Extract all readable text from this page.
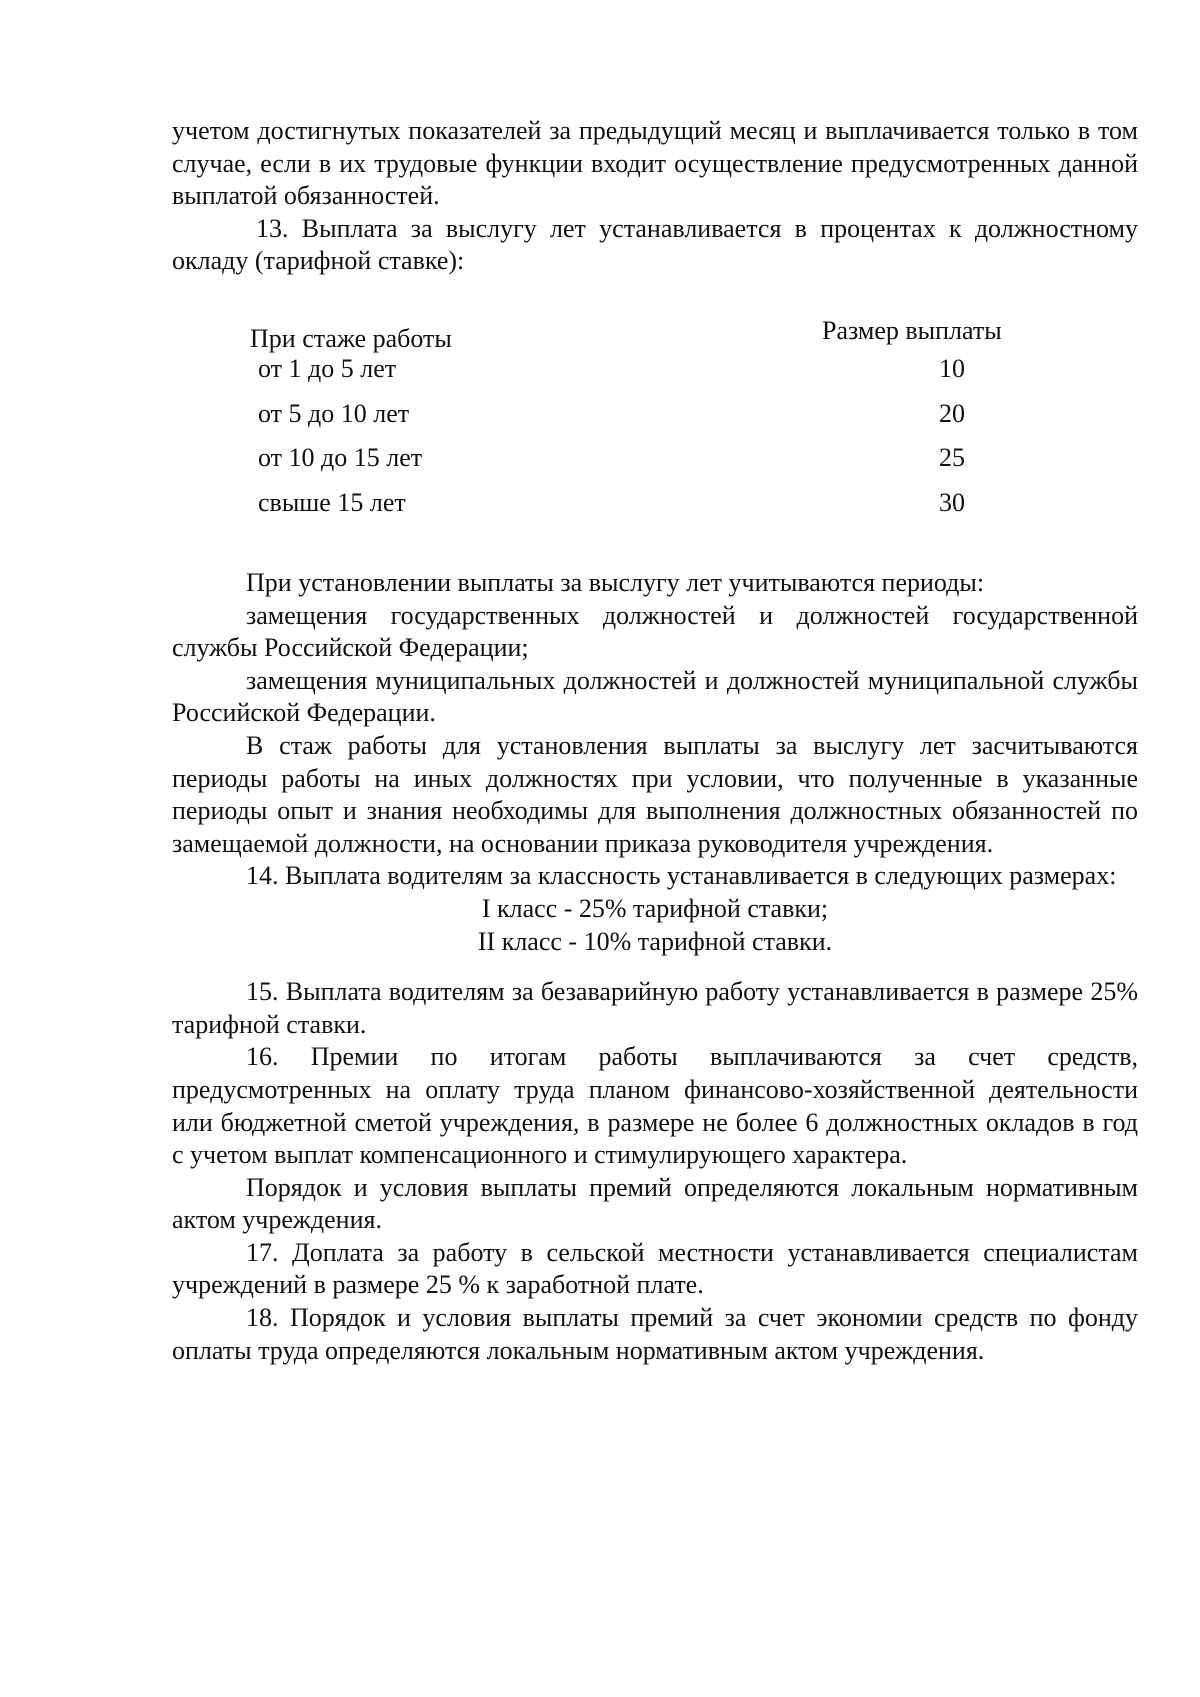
учетом достигнутых показателей за предыдущий месяц и выплачивается только в том случае, если в их трудовые функции входит осуществление предусмотренных данной выплатой обязанностей.

13. Выплата за выслугу лет устанавливается в процентах к должностному окладу (тарифной ставке):

При стаже работы	Размер выплаты
от 1 до 5 лет	10
от 5 до 10 лет	20
от 10 до 15 лет	25
свыше 15 лет	30

При установлении выплаты за выслугу лет учитываются периоды:

замещения государственных должностей и должностей государственной службы Российской Федерации;

замещения муниципальных должностей и должностей муниципальной службы Российской Федерации.

В стаж работы для установления выплаты за выслугу лет засчитываются периоды работы на иных должностях при условии, что полученные в указанные периоды опыт и знания необходимы для выполнения должностных обязанностей по замещаемой должности, на основании приказа руководителя учреждения.

14. Выплата водителям за классность устанавливается в следующих размерах:

I класс - 25% тарифной ставки;

II класс - 10% тарифной ставки.

15. Выплата водителям за безаварийную работу устанавливается в размере 25% тарифной ставки.

16. Премии по итогам работы выплачиваются за счет средств, предусмотренных на оплату труда планом финансово-хозяйственной деятельности или бюджетной сметой учреждения, в размере не более 6 должностных окладов в год с учетом выплат компенсационного и стимулирующего характера.

Порядок и условия выплаты премий определяются локальным нормативным актом учреждения.

17. Доплата за работу в сельской местности устанавливается специалистам учреждений в размере 25 % к заработной плате.

18. Порядок и условия выплаты премий за счет экономии средств по фонду оплаты труда определяются локальным нормативным актом учреждения.
